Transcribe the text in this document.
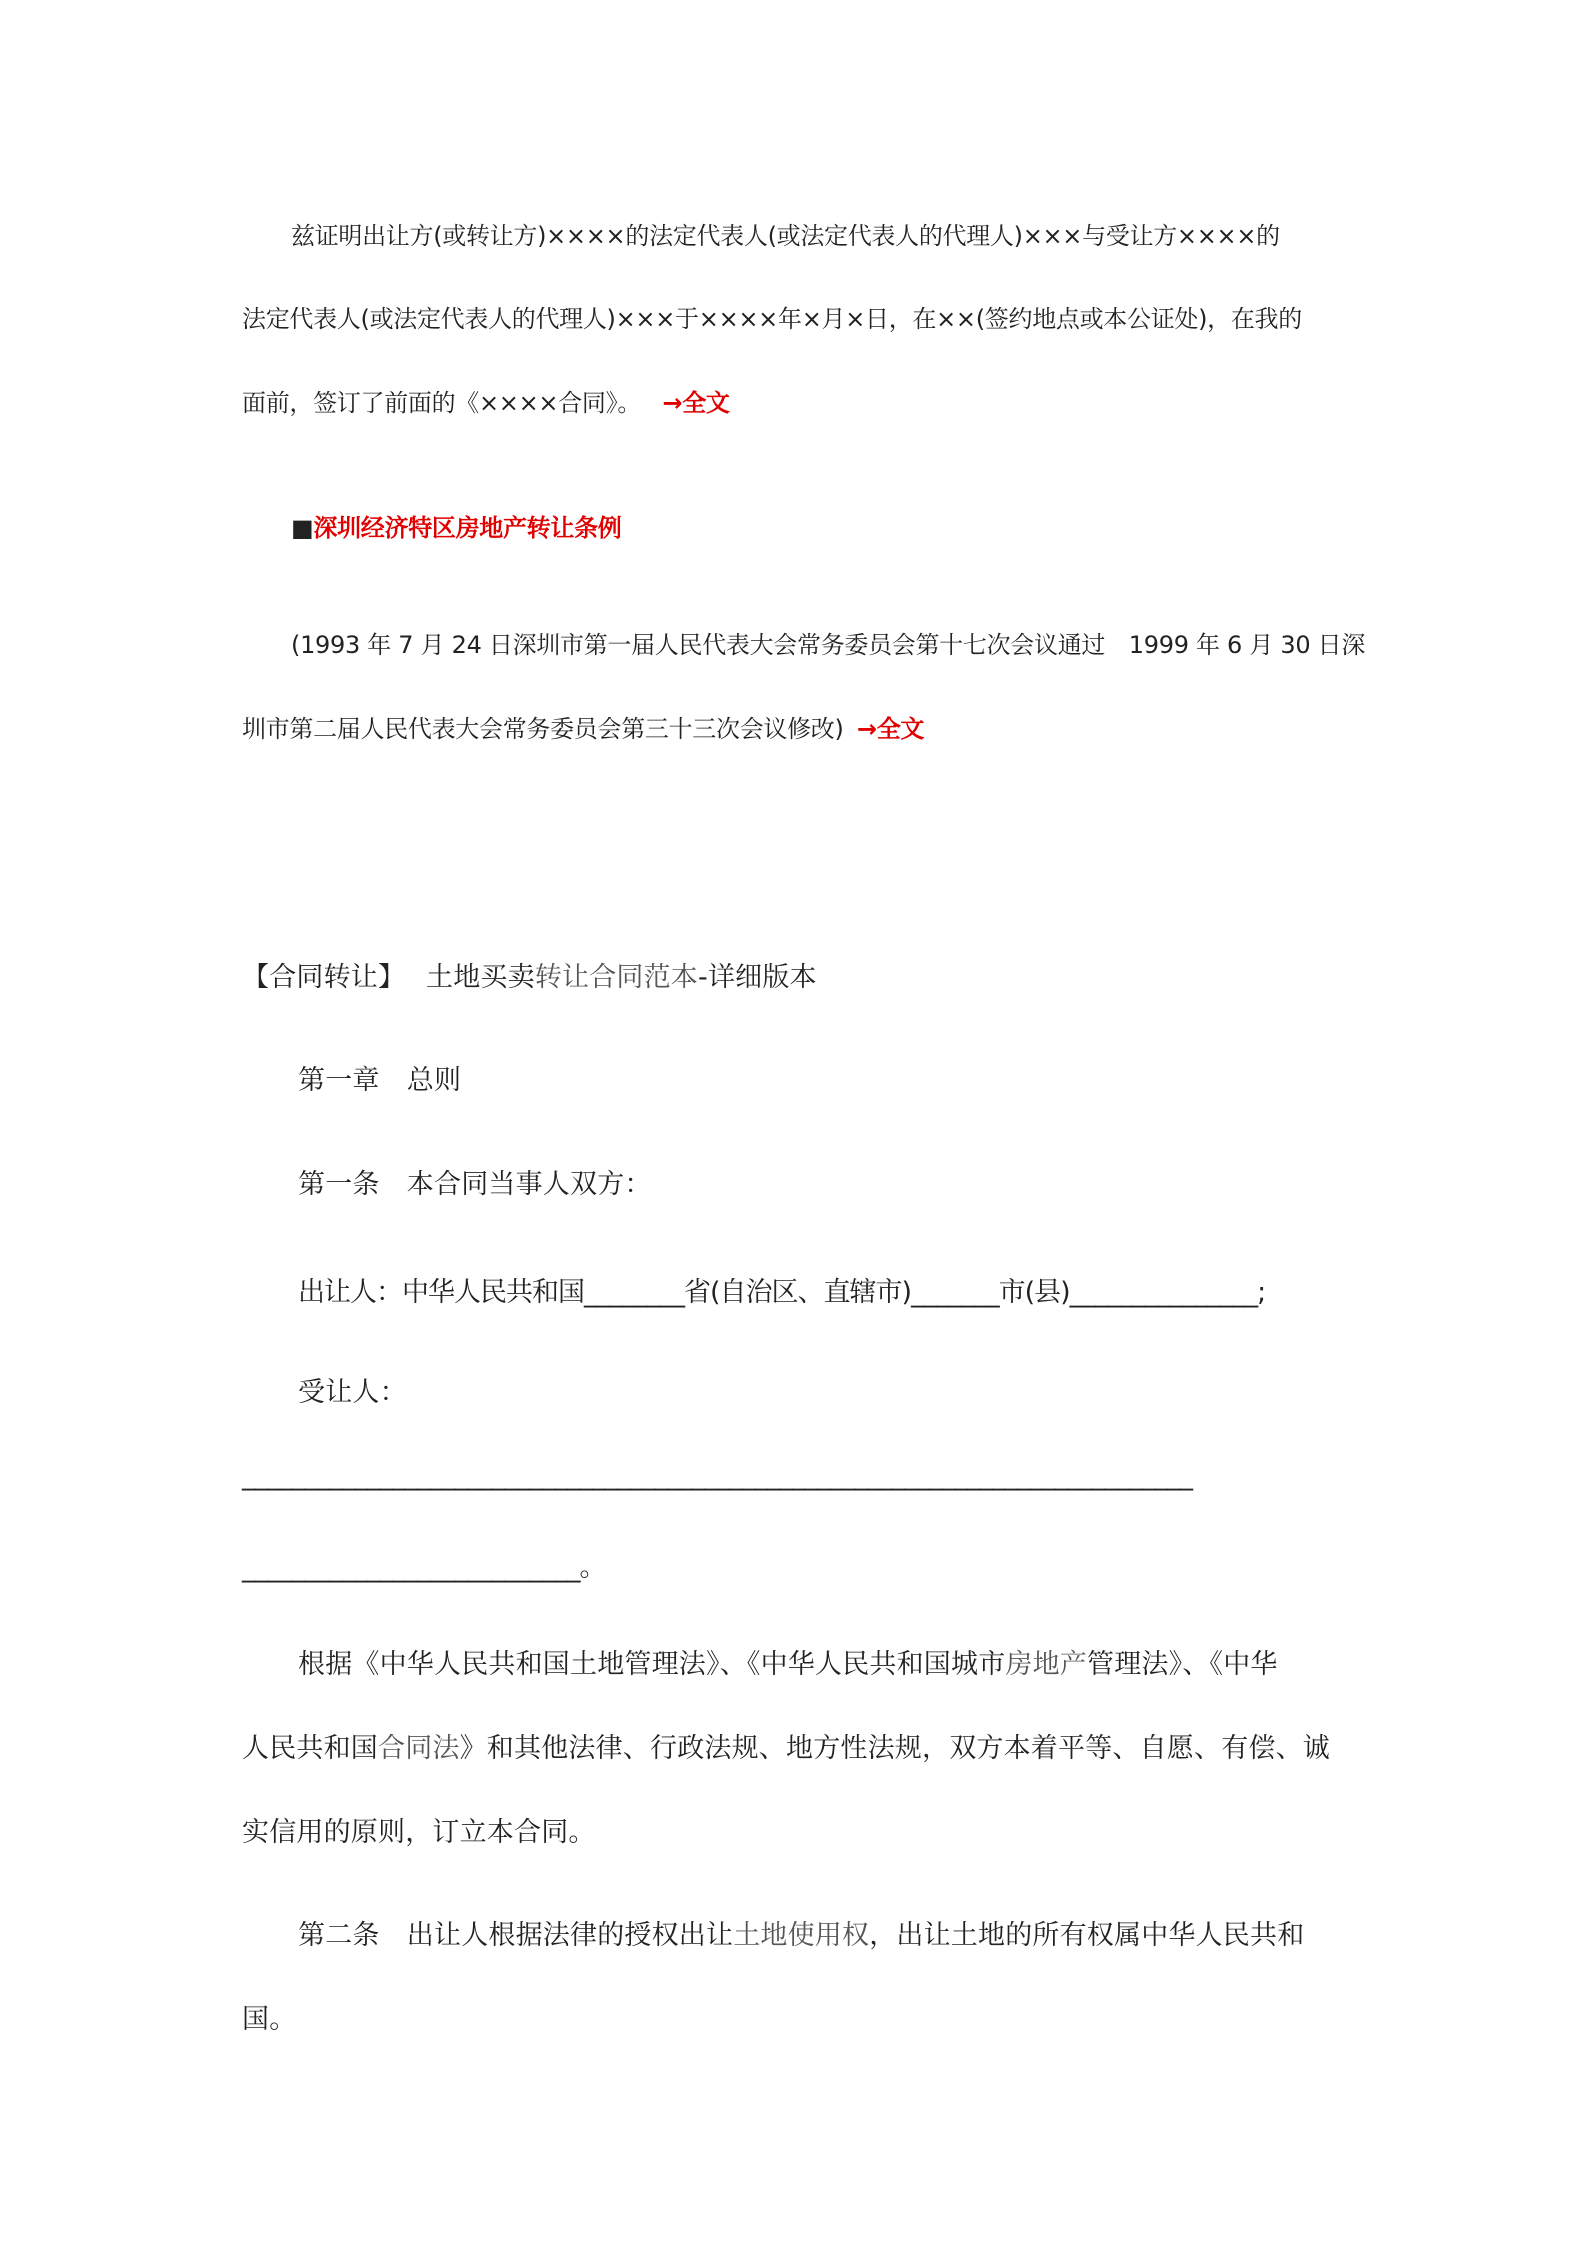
兹证明出让方(或转让方)××××的法定代表人(或法定代表人的代理人)×××与受让方××××的
法定代表人(或法定代表人的代理人)×××于××××年×月×日，在××(签约地点或本公证处)，在我的
面前，签订了前面的《××××合同》。 →全文
■深圳经济特区房地产转让条例
(1993 年 7 月 24 日深圳市第一届人民代表大会常务委员会第十七次会议通过　1999 年 6 月 30 日深
圳市第二届人民代表大会常务委员会第三十三次会议修改) →全文
【合同转让】 土地买卖转让合同范本-详细版本
第一章　总则
第一条　本合同当事人双方：
出让人：中华人民共和国________省(自治区、直辖市)_______市(县)_______________;
受让人：
____________________________________________________________________________
___________________________。
根据《中华人民共和国土地管理法》、《中华人民共和国城市房地产管理法》、《中华
人民共和国合同法》和其他法律、行政法规、地方性法规，双方本着平等、自愿、有偿、诚
实信用的原则，订立本合同。
第二条　出让人根据法律的授权出让土地使用权，出让土地的所有权属中华人民共和
国。
